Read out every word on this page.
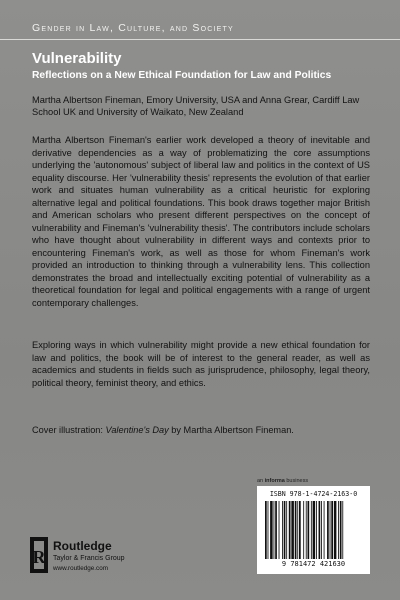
Gender in Law, Culture, and Society
Vulnerability
Reflections on a New Ethical Foundation for Law and Politics
Martha Albertson Fineman, Emory University, USA and Anna Grear, Cardiff Law School UK and University of Waikato, New Zealand
Martha Albertson Fineman's earlier work developed a theory of inevitable and derivative dependencies as a way of problematizing the core assumptions underlying the 'autonomous' subject of liberal law and politics in the context of US equality discourse. Her 'vulnerability thesis' represents the evolution of that earlier work and situates human vulnerability as a critical heuristic for exploring alternative legal and political foundations. This book draws together major British and American scholars who present different perspectives on the concept of vulnerability and Fineman's 'vulnerability thesis'. The contributors include scholars who have thought about vulnerability in different ways and contexts prior to encountering Fineman's work, as well as those for whom Fineman's work provided an introduction to thinking through a vulnerability lens. This collection demonstrates the broad and intellectually exciting potential of vulnerability as a theoretical foundation for legal and political engagements with a range of urgent contemporary challenges.
Exploring ways in which vulnerability might provide a new ethical foundation for law and politics, the book will be of interest to the general reader, as well as academics and students in fields such as jurisprudence, philosophy, legal theory, political theory, feminist theory, and ethics.
Cover illustration: Valentine's Day by Martha Albertson Fineman.
an informa business
ISBN 978-1-4724-2163-0
9 781472 421630
R
Routledge
Taylor & Francis Group
www.routledge.com
